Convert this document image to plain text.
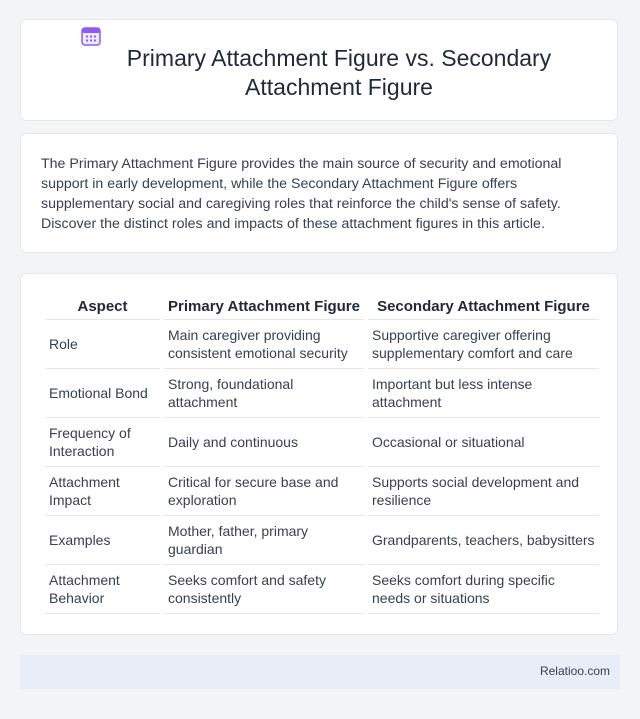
Primary Attachment Figure vs. Secondary Attachment Figure
The Primary Attachment Figure provides the main source of security and emotional support in early development, while the Secondary Attachment Figure offers supplementary social and caregiving roles that reinforce the child's sense of safety. Discover the distinct roles and impacts of these attachment figures in this article.
Aspect	Primary Attachment Figure	Secondary Attachment Figure
Role	Main caregiver providing consistent emotional security	Supportive caregiver offering supplementary comfort and care
Emotional Bond	Strong, foundational attachment	Important but less intense attachment
Frequency of Interaction	Daily and continuous	Occasional or situational
Attachment Impact	Critical for secure base and exploration	Supports social development and resilience
Examples	Mother, father, primary guardian	Grandparents, teachers, babysitters
Attachment Behavior	Seeks comfort and safety consistently	Seeks comfort during specific needs or situations
Relatioo.com
